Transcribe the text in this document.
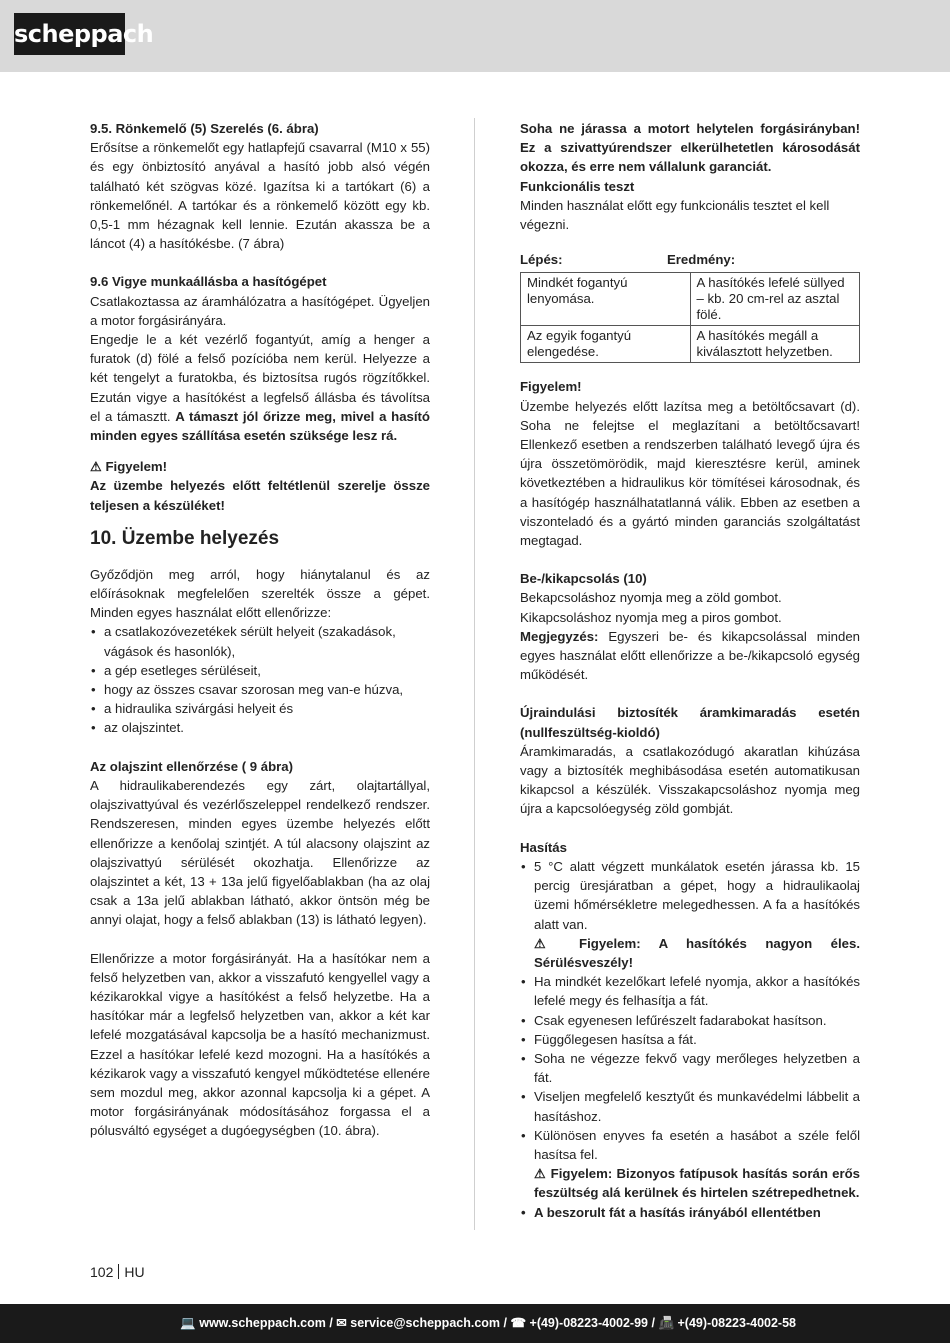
scheppach

9.5. Rönkemelő (5) Szerelés (6. ábra)

Erősítse a rönkemelőt egy hatlapfejű csavarral (M10 x 55) és egy önbiztosító anyával a hasító jobb alsó végén található két szögvas közé. Igazítsa ki a tartókart (6) a rönkemelőnél. A tartókar és a rönkemelő között egy kb. 0,5-1 mm hézagnak kell lennie. Ezután akassza be a láncot (4) a hasítókésbe. (7 ábra)

9.6 Vigye munkaállásba a hasítógépet

Csatlakoztassa az áramhálózatra a hasítógépet. Ügyeljen a motor forgásirányára.

Engedje le a két vezérlő fogantyút, amíg a henger a furatok (d) fölé a felső pozícióba nem kerül. Helyezze a két tengelyt a furatokba, és biztosítsa rugós rögzítőkkel. Ezután vigye a hasítókést a legfelső állásba és távolítsa el a támasztt. A támaszt jól őrizze meg, mivel a hasító minden egyes szállítása esetén szüksége lesz rá.

⚠ Figyelem!

Az üzembe helyezés előtt feltétlenül szerelje össze teljesen a készüléket!

10. Üzembe helyezés

Győződjön meg arról, hogy hiánytalanul és az előírásoknak megfelelően szerelték össze a gépet. Minden egyes használat előtt ellenőrizze:

• a csatlakozóvezetékek sérült helyeit (szakadások, vágások és hasonlók),
• a gép esetleges sérüléseit,
• hogy az összes csavar szorosan meg van-e húzva,
• a hidraulika szivárgási helyeit és
• az olajszintet.

Az olajszint ellenőrzése ( 9 ábra)

A hidraulikaberendezés egy zárt, olajtartállyal, olajszivattyúval és vezérlőszeleppel rendelkező rendszer. Rendszeresen, minden egyes üzembe helyezés előtt ellenőrizze a kenőolaj szintjét. A túl alacsony olajszint az olajszivattyú sérülését okozhatja. Ellenőrizze az olajszintet a két, 13 + 13a jelű figyelőablakban (ha az olaj csak a 13a jelű ablakban látható, akkor öntsön még be annyi olajat, hogy a felső ablakban (13) is látható legyen).

Ellenőrizze a motor forgásirányát. Ha a hasítókar nem a felső helyzetben van, akkor a visszafutó kengyellel vagy a kézikarokkal vigye a hasítókést a felső helyzetbe. Ha a hasítókar már a legfelső helyzetben van, akkor a két kar lefelé mozgatásával kapcsolja be a hasító mechanizmust. Ezzel a hasítókar lefelé kezd mozogni. Ha a hasítókés a kézikarok vagy a visszafutó kengyel működtetése ellenére sem mozdul meg, akkor azonnal kapcsolja ki a gépet. A motor forgásirányának módosításához forgassa el a pólusváltó egységet a dugóegységben (10. ábra).

Soha ne járassa a motort helytelen forgásirányban! Ez a szivattyúrendszer elkerülhetetlen károsodását okozza, és erre nem vállalunk garanciát.

Funkcionális teszt

Minden használat előtt egy funkcionális tesztet el kell végezni.

Lépés:	Eredmény:
Mindkét fogantyú lenyomása.	A hasítókés lefelé süllyed – kb. 20 cm-rel az asztal fölé.
Az egyik fogantyú elengedése.	A hasítókés megáll a kiválasztott helyzetben.

Figyelem!

Üzembe helyezés előtt lazítsa meg a betöltőcsavart (d). Soha ne felejtse el meglazítani a betöltőcsavart! Ellenkező esetben a rendszerben található levegő újra és újra összetömörödik, majd kieresztésre kerül, aminek következtében a hidraulikus kör tömítései károsodnak, és a hasítógép használhatatlanná válik. Ebben az esetben a viszonteladó és a gyártó minden garanciás szolgáltatást megtagad.

Be-/kikapcsolás (10)

Bekapcsoláshoz nyomja meg a zöld gombot.

Kikapcsoláshoz nyomja meg a piros gombot.

Megjegyzés: Egyszeri be- és kikapcsolással minden egyes használat előtt ellenőrizze a be-/kikapcsoló egység működését.

Újraindulási biztosíték áramkimaradás esetén (nullfeszültség-kioldó)

Áramkimaradás, a csatlakozódugó akaratlan kihúzása vagy a biztosíték meghibásodása esetén automatikusan kikapcsol a készülék. Visszakapcsoláshoz nyomja meg újra a kapcsolóegység zöld gombját.

Hasítás

• 5 °C alatt végzett munkálatok esetén járassa kb. 15 percig üresjáratban a gépet, hogy a hidraulikaolaj üzemi hőmérsékletre melegedhessen. A fa a hasítókés alatt van.
⚠ Figyelem: A hasítókés nagyon éles. Sérülésveszély!
• Ha mindkét kezelőkart lefelé nyomja, akkor a hasítókés lefelé megy és felhasítja a fát.
• Csak egyenesen lefűrészelt fadarabokat hasítson.
• Függőlegesen hasítsa a fát.
• Soha ne végezze fekvő vagy merőleges helyzetben a fát.
• Viseljen megfelelő kesztyűt és munkavédelmi lábbelit a hasításhoz.
• Különösen enyves fa esetén a hasábot a széle felől hasítsa fel.
⚠ Figyelem: Bizonyos fatípusok hasítás során erős feszültség alá kerülnek és hirtelen szétrepedhetnek.
• A beszorult fát a hasítás irányából ellentétben
102 HU
💻 www.scheppach.com / ✉ service@scheppach.com / ☎ +(49)-08223-4002-99 / 📠 +(49)-08223-4002-58
